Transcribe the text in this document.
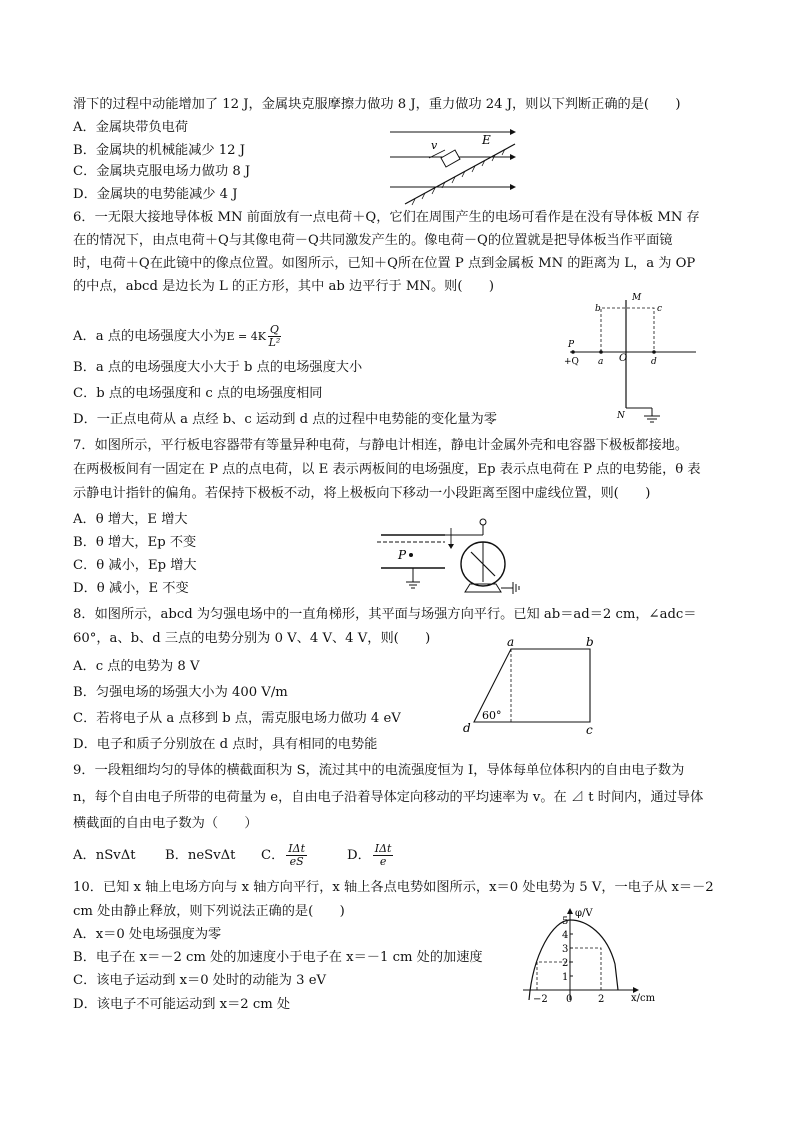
滑下的过程中动能增加了 12 J，金属块克服摩擦力做功 8 J，重力做功 24 J，则以下判断正确的是(　　)
A．金属块带负电荷
B．金属块的机械能减少 12 J
C．金属块克服电场力做功 8 J
D．金属块的电势能减少 4 J
v	E
6．一无限大接地导体板 MN 前面放有一点电荷＋Q，它们在周围产生的电场可看作是在没有导体板 MN 存
在的情况下，由点电荷＋Q与其像电荷－Q共同激发产生的。像电荷－Q的位置就是把导体板当作平面镜
时，电荷＋Q在此镜中的像点位置。如图所示，已知＋Q所在位置 P 点到金属板 MN 的距离为 L，a 为 OP
的中点，abcd 是边长为 L 的正方形，其中 ab 边平行于 MN。则(　　)
A．a 点的电场强度大小为$E = 4K \frac{Q}{\text{L²}}$
B．a 点的电场强度大小大于 b 点的电场强度大小
C．b 点的电场强度和 c 点的电场强度相同
D．一正点电荷从 a 点经 b、c 运动到 d 点的过程中电势能的变化量为零
M
N
b	c
P
+Q a O	d
7．如图所示，平行板电容器带有等量异种电荷，与静电计相连，静电计金属外壳和电容器下极板都接地。
在两极板间有一固定在 P 点的点电荷，以 E 表示两板间的电场强度，Ep 表示点电荷在 P 点的电势能，θ 表
示静电计指针的偏角。若保持下极板不动，将上极板向下移动一小段距离至图中虚线位置，则(　　)
A．θ 增大，E 增大
B．θ 增大，Ep 不变
C．θ 减小，Ep 增大
D．θ 减小，E 不变
P
8．如图所示，abcd 为匀强电场中的一直角梯形，其平面与场强方向平行。已知 ab＝ad＝2 cm，∠adc＝
60°，a、b、d 三点的电势分别为 0 V、4 V、4 V，则(　　)
A．c 点的电势为 8 V
B．匀强电场的场强大小为 400 V/m
C．若将电子从 a 点移到 b 点，需克服电场力做功 4 eV
D．电子和质子分别放在 d 点时，具有相同的电势能
a	b
c
d
60°
9．一段粗细均匀的导体的横截面积为 S，流过其中的电流强度恒为 I，导体每单位体积内的自由电子数为
n，每个自由电子所带的电荷量为 e，自由电子沿着导体定向移动的平均速率为 v。在 ⊿ t 时间内，通过导体
横截面的自由电子数为（　　）
A．nSvΔt B．neSvΔt C． $\frac{\text{IΔt}}{eS}$	D． $\frac{\text{IΔt}}{e}$
10．已知 x 轴上电场方向与 x 轴方向平行，x 轴上各点电势如图所示，x＝0 处电势为 5 V，一电子从 x＝－2
cm 处由静止释放，则下列说法正确的是(　　)
A．x＝0 处电场强度为零
B．电子在 x＝－2 cm 处的加速度小于电子在 x＝－1 cm 处的加速度
C．该电子运动到 x＝0 处时的动能为 3 eV
D．该电子不可能运动到 x＝2 cm 处
φ/V
x/cm
5
4
3
2
1
−2 0	2
